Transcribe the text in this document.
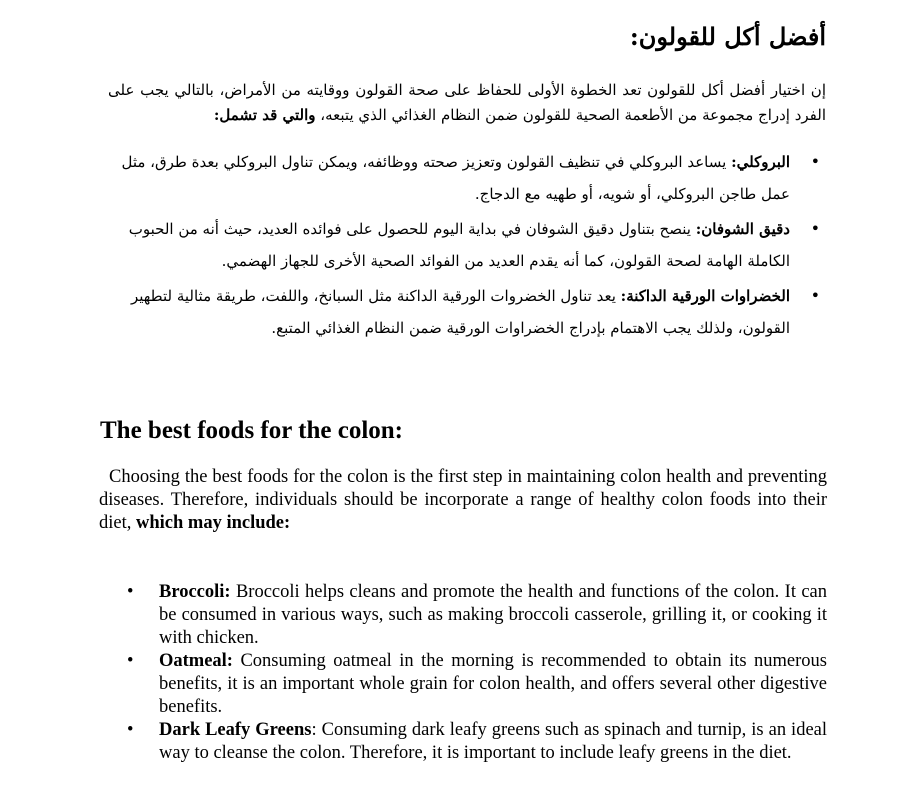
أفضل أكل للقولون:

إن اختيار أفضل أكل للقولون تعد الخطوة الأولى للحفاظ على صحة القولون ووقايته من الأمراض، بالتالي يجب على الفرد إدراج مجموعة من الأطعمة الصحية للقولون ضمن النظام الغذائي الذي يتبعه، والتي قد تشمل:

•
البروكلي: يساعد البروكلي في تنظيف القولون وتعزيز صحته ووظائفه، ويمكن تناول البروكلي بعدة طرق، مثل عمل طاجن البروكلي، أو شويه، أو طهيه مع الدجاج.
•
دقيق الشوفان: ينصح بتناول دقيق الشوفان في بداية اليوم للحصول على فوائده العديد، حيث أنه من الحبوب الكاملة الهامة لصحة القولون، كما أنه يقدم العديد من الفوائد الصحية الأخرى للجهاز الهضمي.
•
الخضراوات الورقية الداكنة: يعد تناول الخضروات الورقية الداكنة مثل السبانخ، واللفت، طريقة مثالية لتطهير القولون، ولذلك يجب الاهتمام بإدراج الخضراوات الورقية ضمن النظام الغذائي المتبع.
The best foods for the colon:

Choosing the best foods for the colon is the first step in maintaining colon health and preventing diseases. Therefore, individuals should be incorporate a range of healthy colon foods into their diet, which may include:

• Broccoli: Broccoli helps cleans and promote the health and functions of the colon. It can be consumed in various ways, such as making broccoli casserole, grilling it, or cooking it with chicken.
• Oatmeal: Consuming oatmeal in the morning is recommended to obtain its numerous benefits, it is an important whole grain for colon health, and offers several other digestive benefits.
• Dark Leafy Greens: Consuming dark leafy greens such as spinach and turnip, is an ideal way to cleanse the colon. Therefore, it is important to include leafy greens in the diet.
